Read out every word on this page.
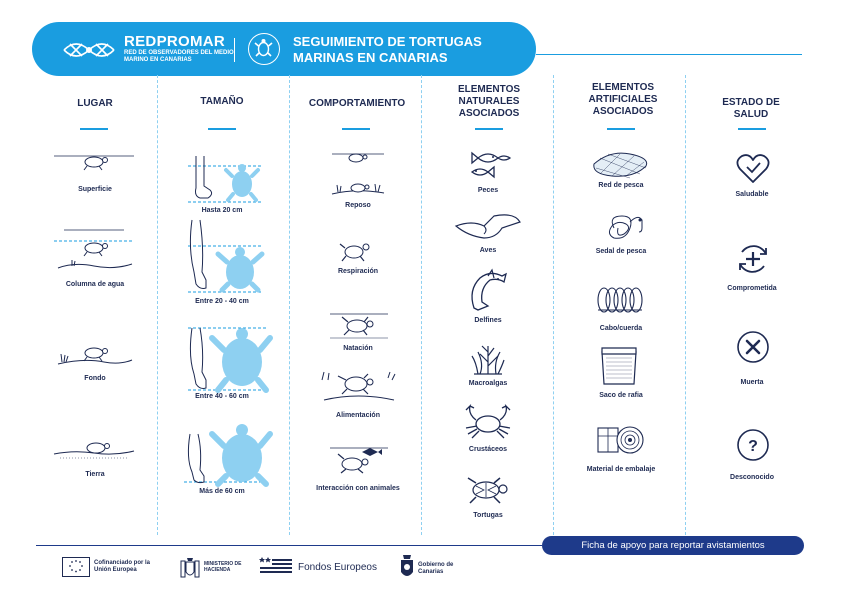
REDPROMAR
RED DE OBSERVADORES DEL MEDIO MARINO EN CANARIAS
SEGUIMIENTO DE TORTUGAS MARINAS EN CANARIAS
LUGAR	TAMAÑO	COMPORTAMIENTO
ELEMENTOS NATURALES ASOCIADOS
ELEMENTOS ARTIFICIALES ASOCIADOS
ESTADO DE SALUD
Superficie
Columna de agua
Fondo
Tierra
Hasta 20 cm
Entre 20 - 40 cm
Entre 40 - 60 cm
Más de 60 cm
Reposo
Respiración
Natación
Alimentación
Interacción con animales
Peces
Aves
Delfines
Macroalgas
Crustáceos
Tortugas
Red de pesca
Sedal de pesca
Cabo/cuerda
Saco de rafia
Material de embalaje
Saludable
Comprometida
Muerta
?
Desconocido
Ficha de apoyo para reportar avistamientos
Cofinanciado por la Unión Europea
MINISTERIO DE HACIENDA	Fondos Europeos	Gobierno de Canarias
